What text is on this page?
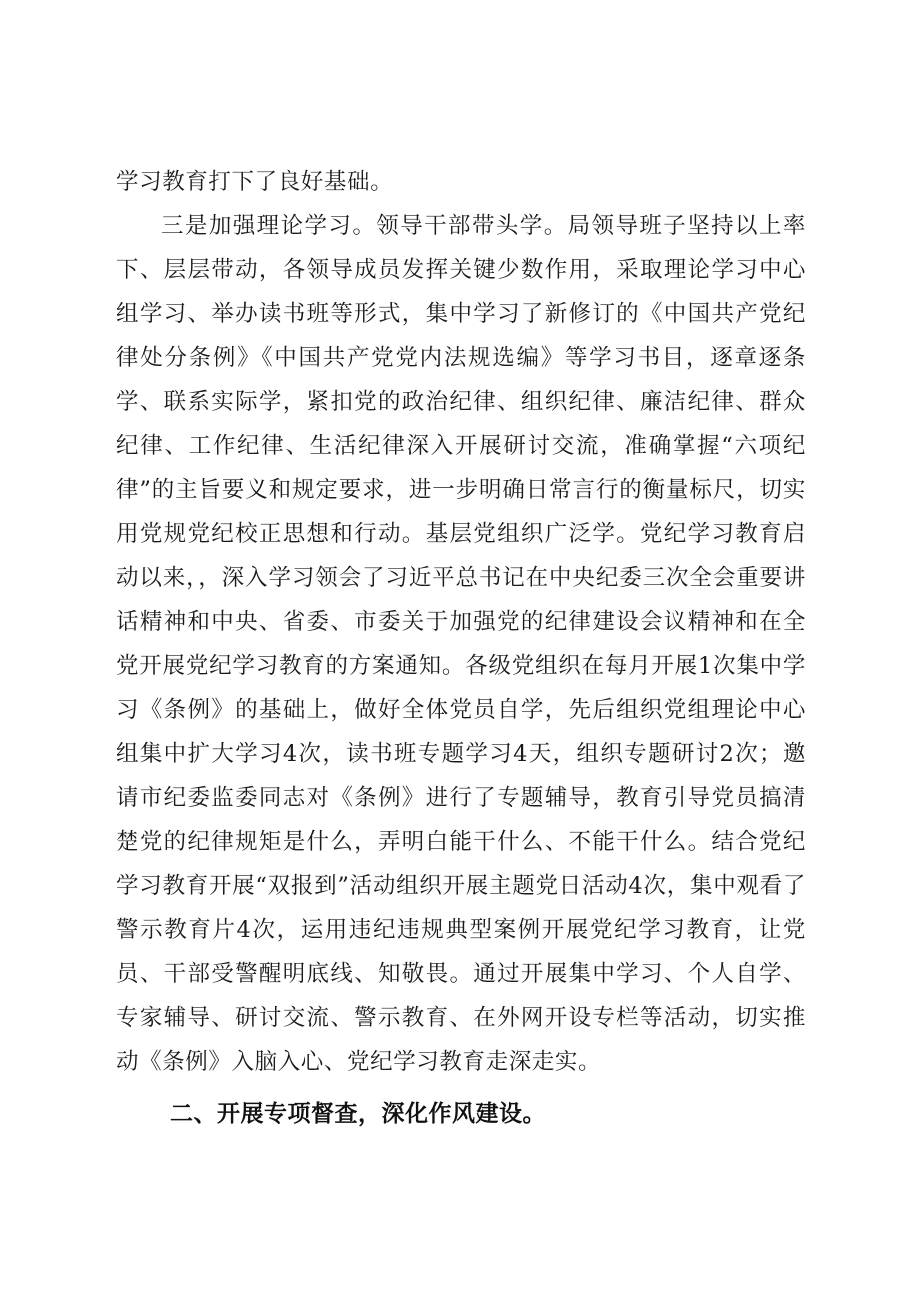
学习教育打下了良好基础。

三是加强理论学习。领导干部带头学。局领导班子坚持以上率下、层层带动，各领导成员发挥关键少数作用，采取理论学习中心组学习、举办读书班等形式，集中学习了新修订的《中国共产党纪律处分条例》《中国共产党党内法规选编》等学习书目，逐章逐条学、联系实际学，紧扣党的政治纪律、组织纪律、廉洁纪律、群众纪律、工作纪律、生活纪律深入开展研讨交流，准确掌握“六项纪律”的主旨要义和规定要求，进一步明确日常言行的衡量标尺，切实用党规党纪校正思想和行动。基层党组织广泛学。党纪学习教育启动以来，，深入学习领会了习近平总书记在中央纪委三次全会重要讲话精神和中央、省委、市委关于加强党的纪律建设会议精神和在全党开展党纪学习教育的方案通知。各级党组织在每月开展1次集中学习《条例》的基础上，做好全体党员自学，先后组织党组理论中心组集中扩大学习4次，读书班专题学习4天，组织专题研讨2次；邀请市纪委监委同志对《条例》进行了专题辅导，教育引导党员搞清楚党的纪律规矩是什么，弄明白能干什么、不能干什么。结合党纪学习教育开展“双报到”活动组织开展主题党日活动4次，集中观看了警示教育片4次，运用违纪违规典型案例开展党纪学习教育，让党员、干部受警醒明底线、知敬畏。通过开展集中学习、个人自学、专家辅导、研讨交流、警示教育、在外网开设专栏等活动，切实推动《条例》入脑入心、党纪学习教育走深走实。

二、开展专项督查，深化作风建设。
